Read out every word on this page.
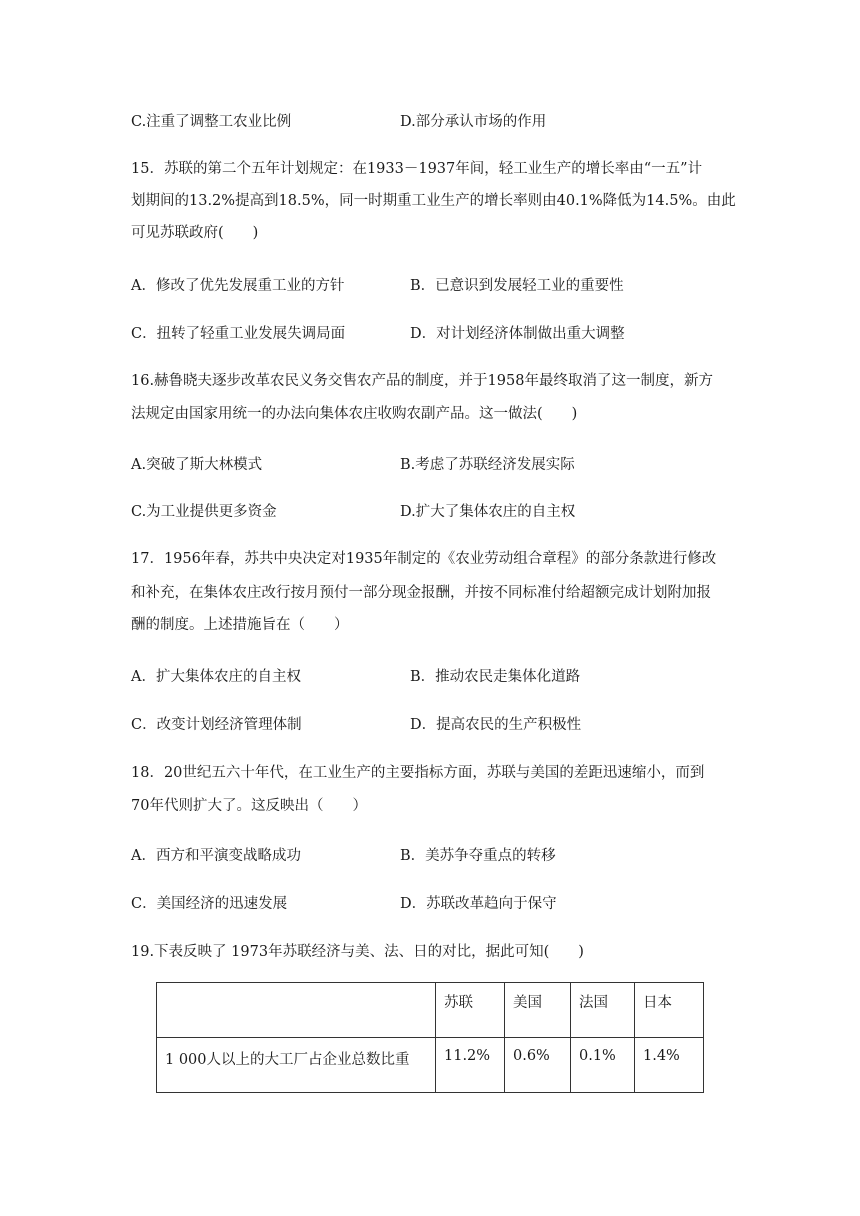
C.注重了调整工农业比例	D.部分承认市场的作用
15．苏联的第二个五年计划规定：在1933－1937年间，轻工业生产的增长率由“一五”计
划期间的13.2%提高到18.5%，同一时期重工业生产的增长率则由40.1%降低为14.5%。由此
可见苏联政府(　　)
A．修改了优先发展重工业的方针	B．已意识到发展轻工业的重要性
C．扭转了轻重工业发展失调局面	D．对计划经济体制做出重大调整
16.赫鲁晓夫逐步改革农民义务交售农产品的制度，并于1958年最终取消了这一制度，新方
法规定由国家用统一的办法向集体农庄收购农副产品。这一做法(　　)
A.突破了斯大林模式	B.考虑了苏联经济发展实际
C.为工业提供更多资金	D.扩大了集体农庄的自主权
17．1956年春，苏共中央决定对1935年制定的《农业劳动组合章程》的部分条款进行修改
和补充，在集体农庄改行按月预付一部分现金报酬，并按不同标准付给超额完成计划附加报
酬的制度。上述措施旨在（　　）
A．扩大集体农庄的自主权	B．推动农民走集体化道路
C．改变计划经济管理体制	D．提高农民的生产积极性
18．20世纪五六十年代，在工业生产的主要指标方面，苏联与美国的差距迅速缩小，而到
70年代则扩大了。这反映出（　　）
A．西方和平演变战略成功	B．美苏争夺重点的转移
C．美国经济的迅速发展	D．苏联改革趋向于保守
19.下表反映了 1973年苏联经济与美、法、日的对比，据此可知(　　)
	苏联	美国	法国	日本
1 000人以上的大工厂占企业总数比重	11.2%	0.6%	0.1%	1.4%
